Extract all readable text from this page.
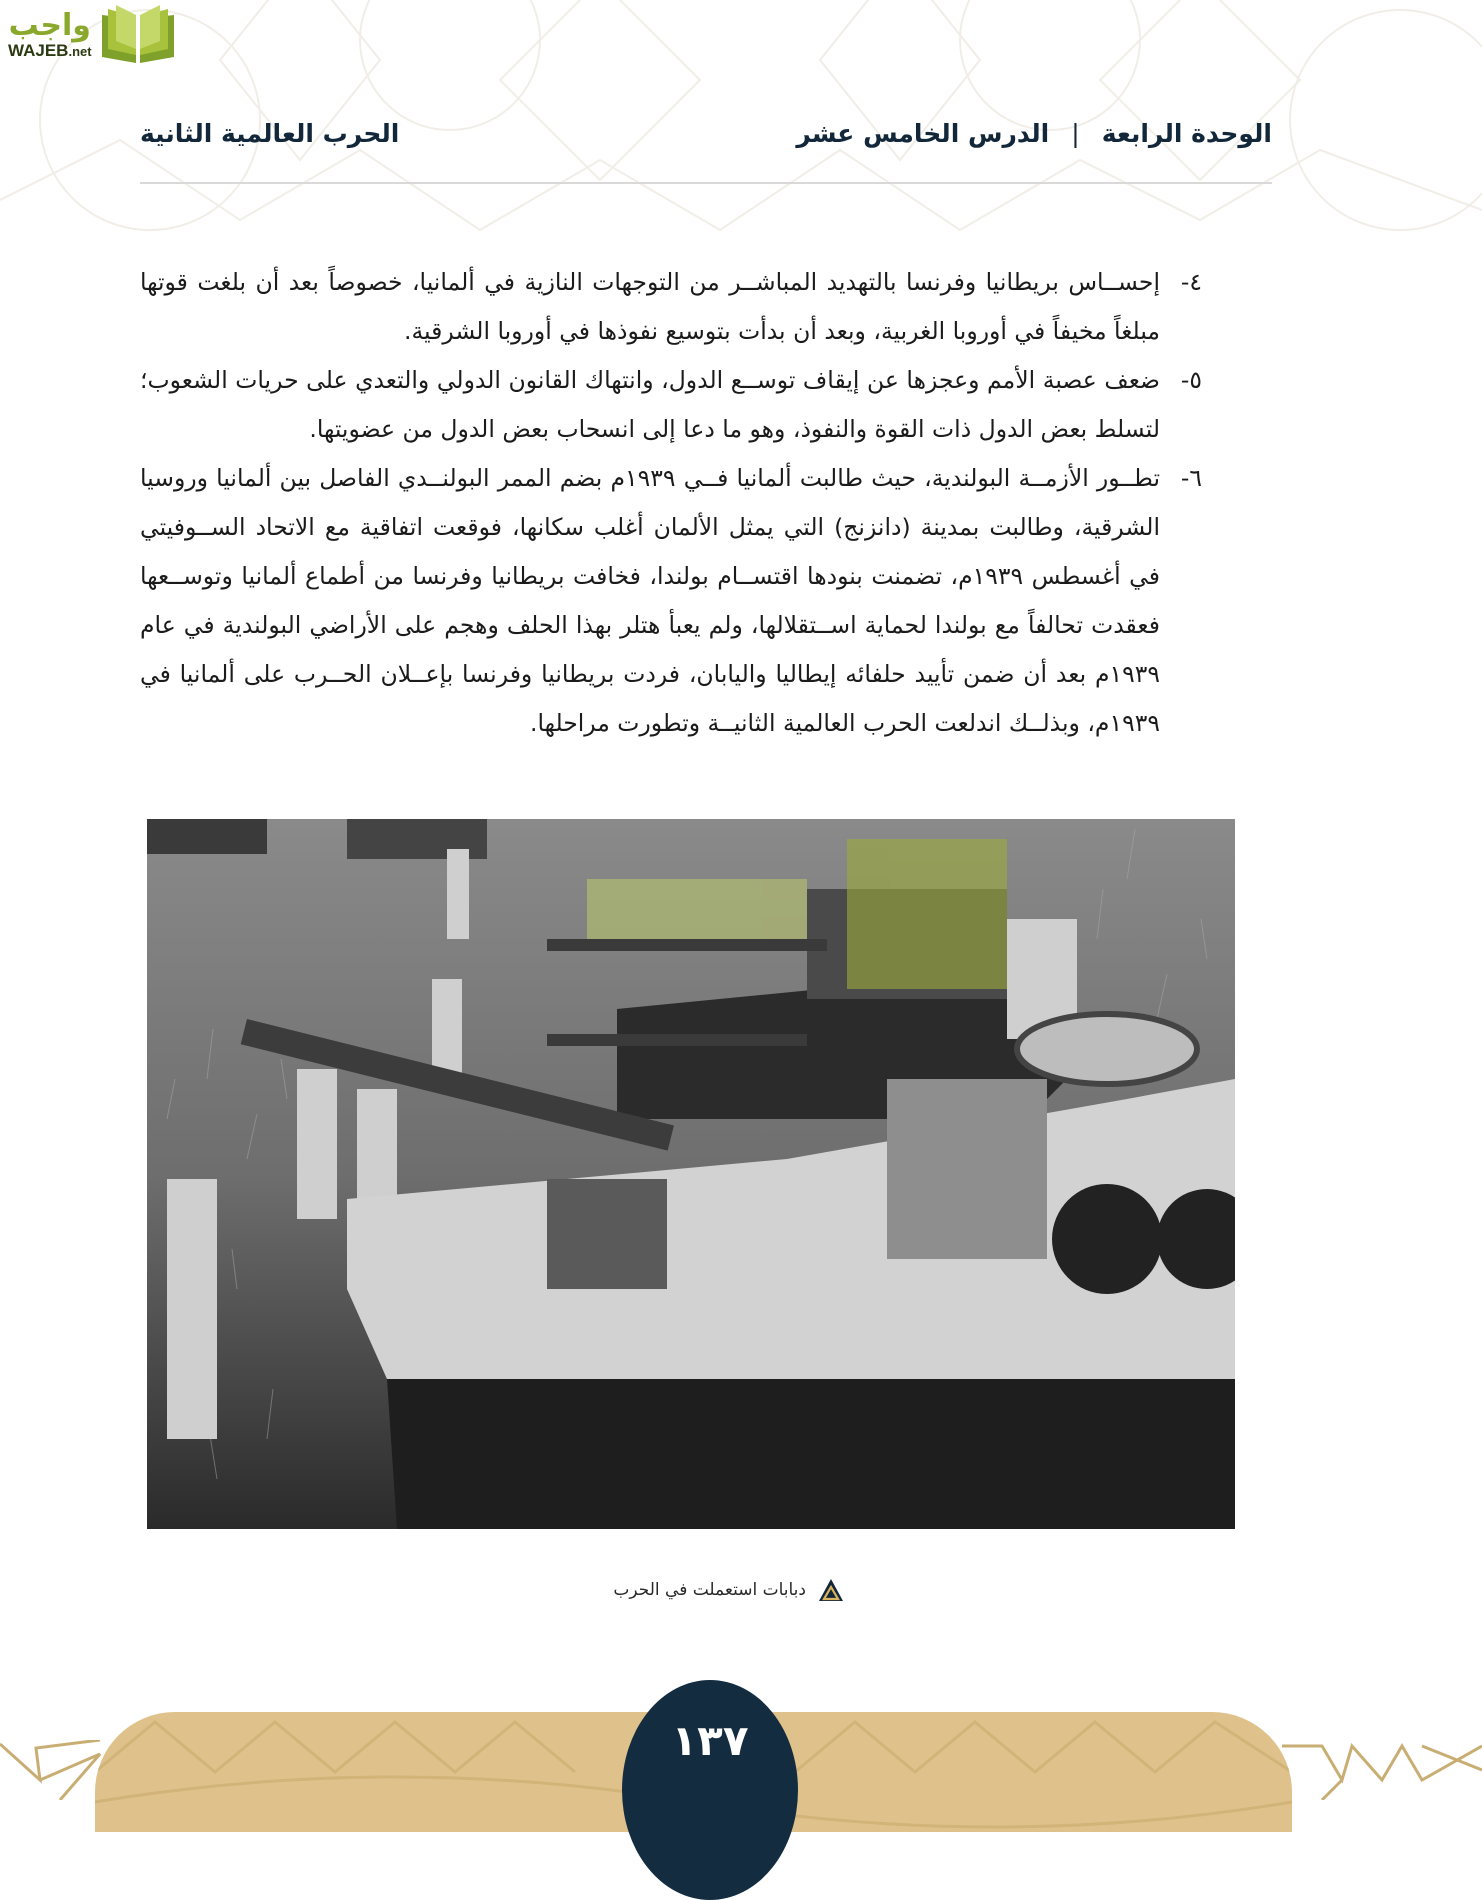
واجب
WAJEB.net
الوحدة الرابعة
|
الدرس الخامس عشر
الحرب العالمية الثانية
٤-
إحســاس بريطانيا وفرنسا بالتهديد المباشــر من التوجهات النازية في ألمانيا، خصوصاً بعد أن بلغت قوتها مبلغاً مخيفاً في أوروبا الغربية، وبعد أن بدأت بتوسيع نفوذها في أوروبا الشرقية.
٥-
ضعف عصبة الأمم وعجزها عن إيقاف توســع الدول، وانتهاك القانون الدولي والتعدي على حريات الشعوب؛ لتسلط بعض الدول ذات القوة والنفوذ، وهو ما دعا إلى انسحاب بعض الدول من عضويتها.
٦-
تطــور الأزمــة البولندية، حيث طالبت ألمانيا فــي ١٩٣٩م بضم الممر البولنــدي الفاصل بين ألمانيا وروسيا الشرقية، وطالبت بمدينة (دانزنج) التي يمثل الألمان أغلب سكانها، فوقعت اتفاقية مع الاتحاد الســوفيتي في أغسطس ١٩٣٩م، تضمنت بنودها اقتســام بولندا، فخافت بريطانيا وفرنسا من أطماع ألمانيا وتوســعها فعقدت تحالفاً مع بولندا لحماية اســتقلالها، ولم يعبأ هتلر بهذا الحلف وهجم على الأراضي البولندية في عام ١٩٣٩م بعد أن ضمن تأييد حلفائه إيطاليا واليابان، فردت بريطانيا وفرنسا بإعــلان الحــرب على ألمانيا في ١٩٣٩م، وبذلــك اندلعت الحرب العالمية الثانيــة وتطورت مراحلها.
دبابات استعملت في الحرب
١٣٧
